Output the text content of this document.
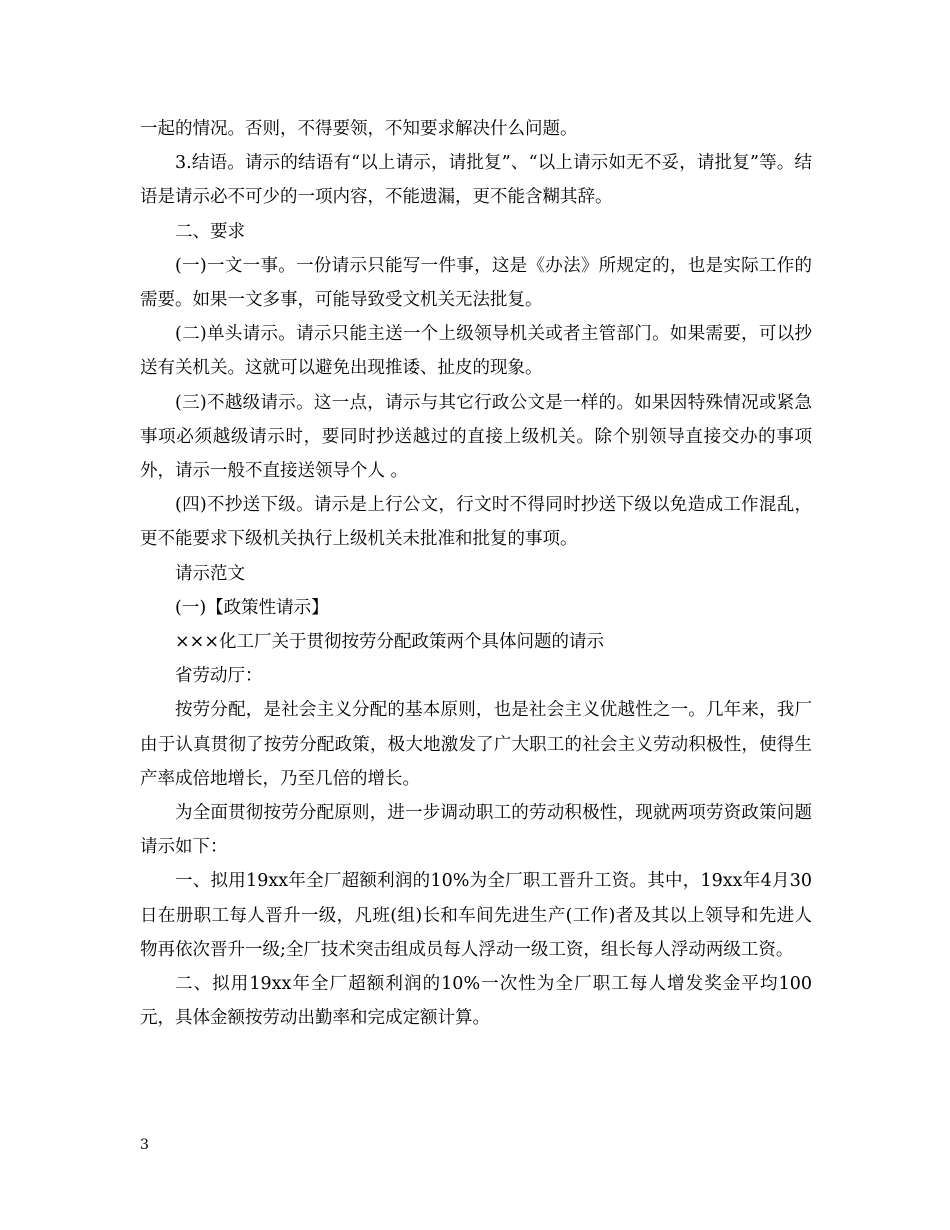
一起的情况。否则，不得要领，不知要求解决什么问题。

3.结语。请示的结语有“以上请示，请批复”、“以上请示如无不妥，请批复”等。结语是请示必不可少的一项内容，不能遗漏，更不能含糊其辞。

二、要求

(一)一文一事。一份请示只能写一件事，这是《办法》所规定的，也是实际工作的需要。如果一文多事，可能导致受文机关无法批复。

(二)单头请示。请示只能主送一个上级领导机关或者主管部门。如果需要，可以抄送有关机关。这就可以避免出现推诿、扯皮的现象。

(三)不越级请示。这一点，请示与其它行政公文是一样的。如果因特殊情况或紧急事项必须越级请示时，要同时抄送越过的直接上级机关。除个别领导直接交办的事项外，请示一般不直接送领导个人 。

(四)不抄送下级。请示是上行公文，行文时不得同时抄送下级以免造成工作混乱，更不能要求下级机关执行上级机关未批准和批复的事项。

请示范文

(一)【政策性请示】

×××化工厂关于贯彻按劳分配政策两个具体问题的请示

省劳动厅：

按劳分配，是社会主义分配的基本原则，也是社会主义优越性之一。几年来，我厂由于认真贯彻了按劳分配政策，极大地激发了广大职工的社会主义劳动积极性，使得生产率成倍地增长，乃至几倍的增长。

为全面贯彻按劳分配原则，进一步调动职工的劳动积极性，现就两项劳资政策问题请示如下：

一、拟用19xx年全厂超额利润的10%为全厂职工晋升工资。其中，19xx年4月30日在册职工每人晋升一级，凡班(组)长和车间先进生产(工作)者及其以上领导和先进人物再依次晋升一级;全厂技术突击组成员每人浮动一级工资，组长每人浮动两级工资。

二、拟用19xx年全厂超额利润的10%一次性为全厂职工每人增发奖金平均100元，具体金额按劳动出勤率和完成定额计算。

3
